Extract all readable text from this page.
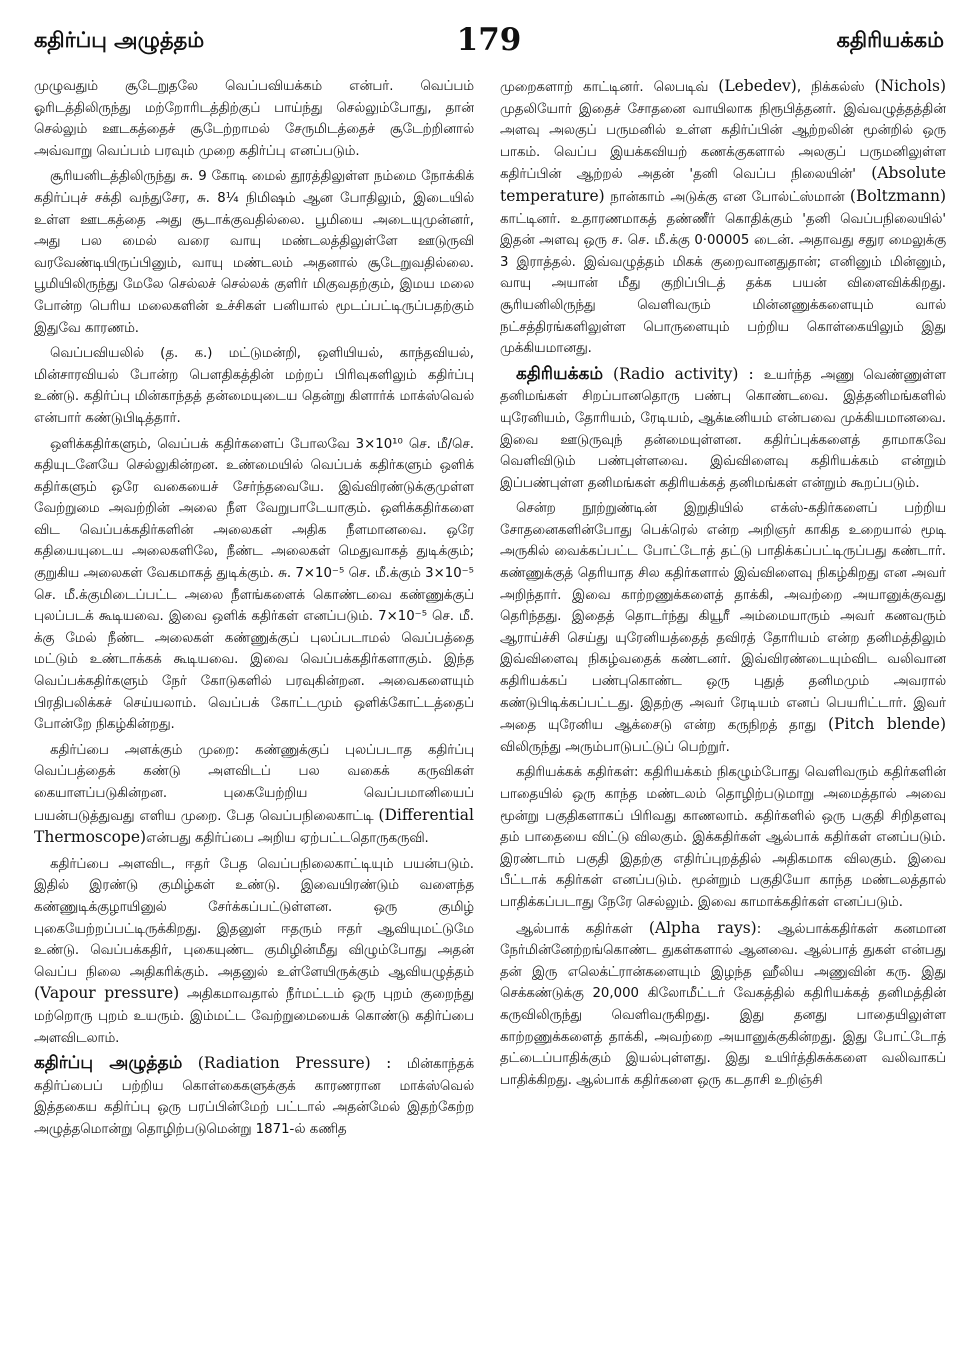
கதிர்ப்பு அழுத்தம்	179	கதிரியக்கம்

முழுவதும் சூடேறுதலே வெப்பவியக்கம் என்பர். வெப்பம் ஓரிடத்திலிருந்து மற்றோரிடத்திற்குப் பாய்ந்து செல்லும்போது, தான் செல்லும் ஊடகத்தைச் சூடேற்றாமல் சேருமிடத்தைச் சூடேற்றினால் அவ்வாறு வெப்பம் பரவும் முறை கதிர்ப்பு எனப்படும்.

சூரியனிடத்திலிருந்து சு. 9 கோடி மைல் தூரத்திலுள்ள நம்மை நோக்கிக் கதிர்ப்புச் சக்தி வந்துசேர, சு. 8¼ நிமிஷம் ஆன போதிலும், இடையில் உள்ள ஊடகத்தை அது சூடாக்குவதில்லை. பூமியை அடையுமுன்னர், அது பல மைல் வரை வாயு மண்டலத்திலுள்ளே ஊடுருவி வரவேண்டியிருப்பினும், வாயு மண்டலம் அதனால் சூடேறுவதில்லை. பூமியிலிருந்து மேலே செல்லச் செல்லக் குளிர் மிகுவதற்கும், இமய மலை போன்ற பெரிய மலைகளின் உச்சிகள் பனியால் மூடப்பட்டிருப்பதற்கும் இதுவே காரணம்.

வெப்பவியலில் (த. க.) மட்டுமன்றி, ஒளியியல், காந்தவியல், மின்சாரவியல் போன்ற பௌதிகத்தின் மற்றப் பிரிவுகளிலும் கதிர்ப்பு உண்டு. கதிர்ப்பு மின்காந்தத் தன்மையுடைய தென்று கிளார்க் மாக்ஸ்வெல் என்பார் கண்டுபிடித்தார்.

ஒளிக்கதிர்களும், வெப்பக் கதிர்களைப் போலவே 3×10¹⁰ செ. மீ/செ. கதியுடனேயே செல்லுகின்றன. உண்மையில் வெப்பக் கதிர்களும் ஒளிக் கதிர்களும் ஒரே வகையைச் சேர்ந்தவையே. இவ்விரண்டுக்குமுள்ள வேற்றுமை அவற்றின் அலை நீள வேறுபாடேயாகும். ஒளிக்கதிர்களை விட வெப்பக்கதிர்களின் அலைகள் அதிக நீளமானவை. ஒரே கதியையுடைய அலைகளிலே, நீண்ட அலைகள் மெதுவாகத் துடிக்கும்; குறுகிய அலைகள் வேகமாகத் துடிக்கும். சு. 7×10⁻⁵ செ. மீ.க்கும் 3×10⁻⁵ செ. மீ.க்குமிடைப்பட்ட அலை நீளங்களைக் கொண்டவை கண்ணுக்குப் புலப்படக் கூடியவை. இவை ஒளிக் கதிர்கள் எனப்படும். 7×10⁻⁵ செ. மீ. க்கு மேல் நீண்ட அலைகள் கண்ணுக்குப் புலப்படாமல் வெப்பத்தை மட்டும் உண்டாக்கக் கூடியவை. இவை வெப்பக்கதிர்களாகும். இந்த வெப்பக்கதிர்களும் நேர் கோடுகளில் பரவுகின்றன. அவைகளையும் பிரதிபலிக்கச் செய்யலாம். வெப்பக் கோட்டமும் ஒளிக்கோட்டத்தைப் போன்றே நிகழ்கின்றது.

கதிர்ப்பை அளக்கும் முறை: கண்ணுக்குப் புலப்படாத கதிர்ப்பு வெப்பத்தைக் கண்டு அளவிடப் பல வகைக் கருவிகள் கையாளப்படுகின்றன. புகையேற்றிய வெப்பமானியைப் பயன்படுத்துவது எளிய முறை. பேத வெப்பநிலைகாட்டி (Differential Thermoscope)என்பது கதிர்ப்பை அறிய ஏற்பட்டதொருகருவி.

கதிர்ப்பை அளவிட, ஈதர் பேத வெப்பநிலைகாட்டியும் பயன்படும். இதில் இரண்டு குமிழ்கள் உண்டு. இவையிரண்டும் வளைந்த கண்ணுடிக்குழாயினுல் சேர்க்கப்பட்டுள்ளன. ஒரு குமிழ் புகையேற்றப்பட்டிருக்கிறது. இதனுள் ஈதரும் ஈதர் ஆவியுமட்டுமே உண்டு. வெப்பக்கதிர், புகையுண்ட குமிழின்மீது விழும்போது அதன் வெப்ப நிலை அதிகரிக்கும். அதனுல் உள்ளேயிருக்கும் ஆவியழுத்தம் (Vapour pressure) அதிகமாவதால் நீர்மட்டம் ஒரு புறம் குறைந்து மற்றொரு புறம் உயரும். இம்மட்ட வேற்றுமையைக் கொண்டு கதிர்ப்பை அளவிடலாம்.

கதிர்ப்பு அழுத்தம் (Radiation Pressure) : மின்காந்தக் கதிர்ப்பைப் பற்றிய கொள்கைகளுக்குக் காரணரான மாக்ஸ்வெல் இத்தகைய கதிர்ப்பு ஒரு பரப்பின்மேற் பட்டால் அதன்மேல் இதற்கேற்ற அழுத்தமொன்று தொழிற்படுமென்று 1871-ல் கணித

முறைகளாற் காட்டினர். லெபடிவ் (Lebedev), நிக்கல்ஸ் (Nichols) முதலியோர் இதைச் சோதனை வாயிலாக நிரூபித்தனர். இவ்வழுத்தத்தின் அளவு அலகுப் பருமனில் உள்ள கதிர்ப்பின் ஆற்றலின் மூன்றில் ஒரு பாகம். வெப்ப இயக்கவியற் கணக்குகளால் அலகுப் பருமனிலுள்ள கதிர்ப்பின் ஆற்றல் அதன் 'தனி வெப்ப நிலையின்' (Absolute temperature) நான்காம் அடுக்கு என போல்ட்ஸ்மான் (Boltzmann) காட்டினர். உதாரணமாகத் தண்ணீர் கொதிக்கும் 'தனி வெப்பநிலையில்' இதன் அளவு ஒரு ச. செ. மீ.க்கு 0·00005 டைன். அதாவது சதுர மைலுக்கு 3 இராத்தல். இவ்வழுத்தம் மிகக் குறைவானதுதான்; எனினும் மின்னும், வாயு அயான் மீது குறிப்பிடத் தக்க பயன் விளைவிக்கிறது. சூரியனிலிருந்து வெளிவரும் மின்னணுக்களையும் வால் நட்சத்திரங்களிலுள்ள பொருளையும் பற்றிய கொள்கையிலும் இது முக்கியமானது.

கதிரியக்கம் (Radio activity) : உயர்ந்த அணு வெண்ணுள்ள தனிமங்கள் சிறப்பானதொரு பண்பு கொண்டவை. இத்தனிமங்களில் யுரேனியம், தோரியம், ரேடியம், ஆக்டீனியம் என்பவை முக்கியமானவை. இவை ஊடுருவுந் தன்மையுள்ளன. கதிர்ப்புக்களைத் தாமாகவே வெளிவிடும் பண்புள்ளவை. இவ்விளைவு கதிரியக்கம் என்றும் இப்பண்புள்ள தனிமங்கள் கதிரியக்கத் தனிமங்கள் என்றும் கூறப்படும்.

சென்ற நூற்றுண்டின் இறுதியில் எக்ஸ்-கதிர்களைப் பற்றிய சோதனைகளின்போது பெக்ரெல் என்ற அறிஞர் காகித உறையால் மூடி அருகில் வைக்கப்பட்ட போட்டோத் தட்டு பாதிக்கப்பட்டிருப்பது கண்டார். கண்ணுக்குத் தெரியாத சில கதிர்களால் இவ்விளைவு நிகழ்கிறது என அவர் அறிந்தார். இவை காற்றணுக்களைத் தாக்கி, அவற்றை அயானுக்குவது தெரிந்தது. இதைத் தொடர்ந்து கியூரீ அம்மையாரும் அவர் கணவரும் ஆராய்ச்சி செய்து யுரேனியத்தைத் தவிரத் தோரியம் என்ற தனிமத்திலும் இவ்விளைவு நிகழ்வதைக் கண்டனர். இவ்விரண்டையும்விட வலிவான கதிரியக்கப் பண்புகொண்ட ஒரு புதுத் தனிமமும் அவரால் கண்டுபிடிக்கப்பட்டது. இதற்கு அவர் ரேடியம் எனப் பெயரிட்டார். இவர் அதை யுரேனிய ஆக்சைடு என்ற கருநிறத் தாது (Pitch blende) விலிருந்து அரும்பாடுபட்டுப் பெற்றுர்.

கதிரியக்கக் கதிர்கள்: கதிரியக்கம் நிகழும்போது வெளிவரும் கதிர்களின் பாதையில் ஒரு காந்த மண்டலம் தொழிற்படுமாறு அமைத்தால் அவை மூன்று பகுதிகளாகப் பிரிவது காணலாம். கதிர்களில் ஒரு பகுதி சிறிதளவு தம் பாதையை விட்டு விலகும். இக்கதிர்கள் ஆல்பாக் கதிர்கள் எனப்படும். இரண்டாம் பகுதி இதற்கு எதிர்ப்புறத்தில் அதிகமாக விலகும். இவை பீட்டாக் கதிர்கள் எனப்படும். மூன்றும் பகுதியோ காந்த மண்டலத்தால் பாதிக்கப்படாது நேரே செல்லும். இவை காமாக்கதிர்கள் எனப்படும்.

ஆல்பாக் கதிர்கள் (Alpha rays): ஆல்பாக்கதிர்கள் கனமான நேர்மின்னேற்றங்கொண்ட துகள்களால் ஆனவை. ஆல்பாத் துகள் என்பது தன் இரு எலெக்ட்ரான்களையும் இழந்த ஹீலிய அணுவின் கரு. இது செக்கண்டுக்கு 20,000 கிலோமீட்டர் வேகத்தில் கதிரியக்கத் தனிமத்தின் கருவிலிருந்து வெளிவருகிறது. இது தனது பாதையிலுள்ள காற்றணுக்களைத் தாக்கி, அவற்றை அயானுக்குகின்றது. இது போட்டோத் தட்டைப்பாதிக்கும் இயல்புள்ளது. இது உயிர்த்திசுக்களை வலிவாகப் பாதிக்கிறது. ஆல்பாக் கதிர்களை ஒரு கடதாசி உறிஞ்சி
